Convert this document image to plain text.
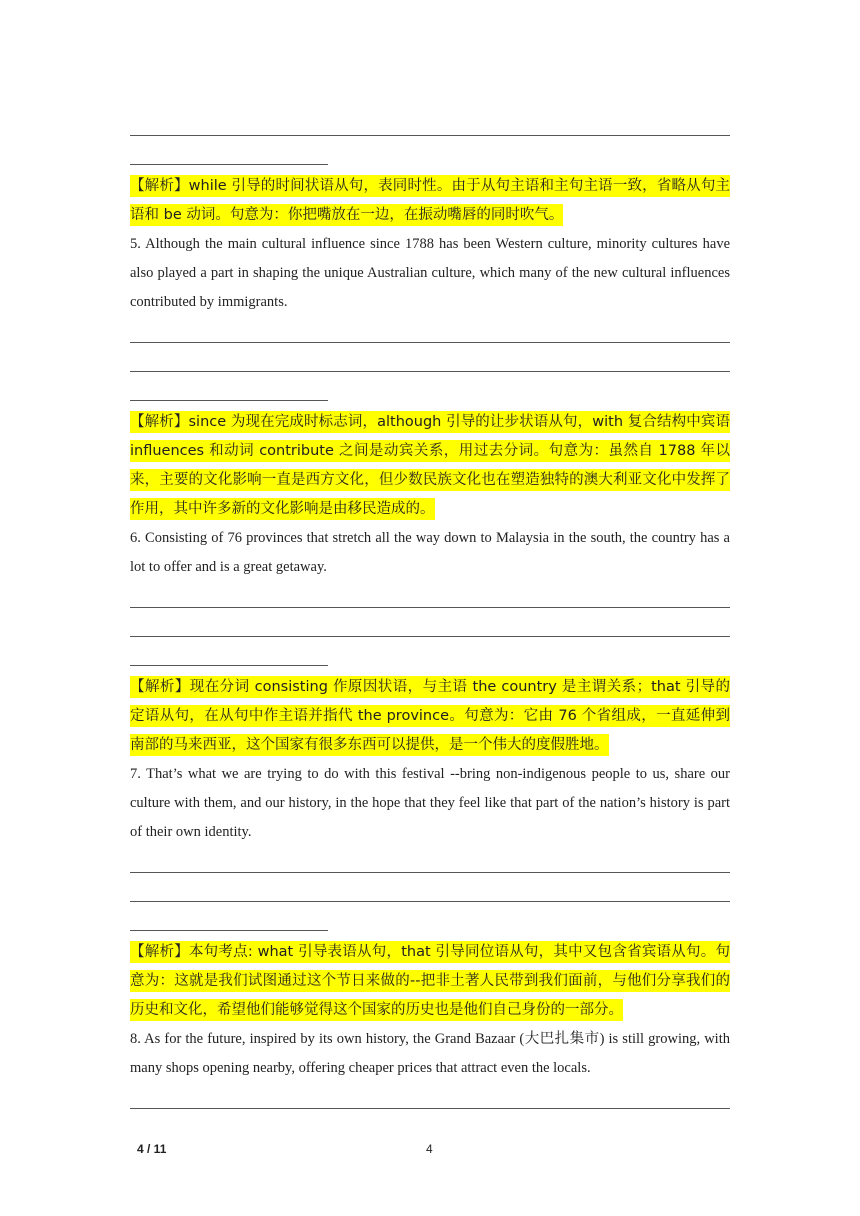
【解析】while 引导的时间状语从句，表同时性。由于从句主语和主句主语一致，省略从句主语和 be 动词。句意为：你把嘴放在一边，在振动嘴唇的同时吹气。

5. Although the main cultural influence since 1788 has been Western culture, minority cultures have also played a part in shaping the unique Australian culture, which many of the new cultural influences contributed by immigrants.

【解析】since 为现在完成时标志词，although 引导的让步状语从句，with 复合结构中宾语 influences 和动词 contribute 之间是动宾关系，用过去分词。句意为：虽然自 1788 年以来，主要的文化影响一直是西方文化，但少数民族文化也在塑造独特的澳大利亚文化中发挥了作用，其中许多新的文化影响是由移民造成的。

6. Consisting of 76 provinces that stretch all the way down to Malaysia in the south, the country has a lot to offer and is a great getaway.

【解析】现在分词 consisting 作原因状语，与主语 the country 是主谓关系；that 引导的定语从句，在从句中作主语并指代 the province。句意为：它由 76 个省组成，一直延伸到南部的马来西亚，这个国家有很多东西可以提供，是一个伟大的度假胜地。

7. That’s what we are trying to do with this festival --bring non-indigenous people to us, share our culture with them, and our history, in the hope that they feel like that part of the nation’s history is part of their own identity.

【解析】本句考点: what 引导表语从句，that 引导同位语从句，其中又包含省宾语从句。句意为：这就是我们试图通过这个节日来做的--把非土著人民带到我们面前，与他们分享我们的历史和文化，希望他们能够觉得这个国家的历史也是他们自己身份的一部分。

8. As for the future, inspired by its own history, the Grand Bazaar (大巴扎集市) is still growing, with many shops opening nearby, offering cheaper prices that attract even the locals.

4 / 11	4
